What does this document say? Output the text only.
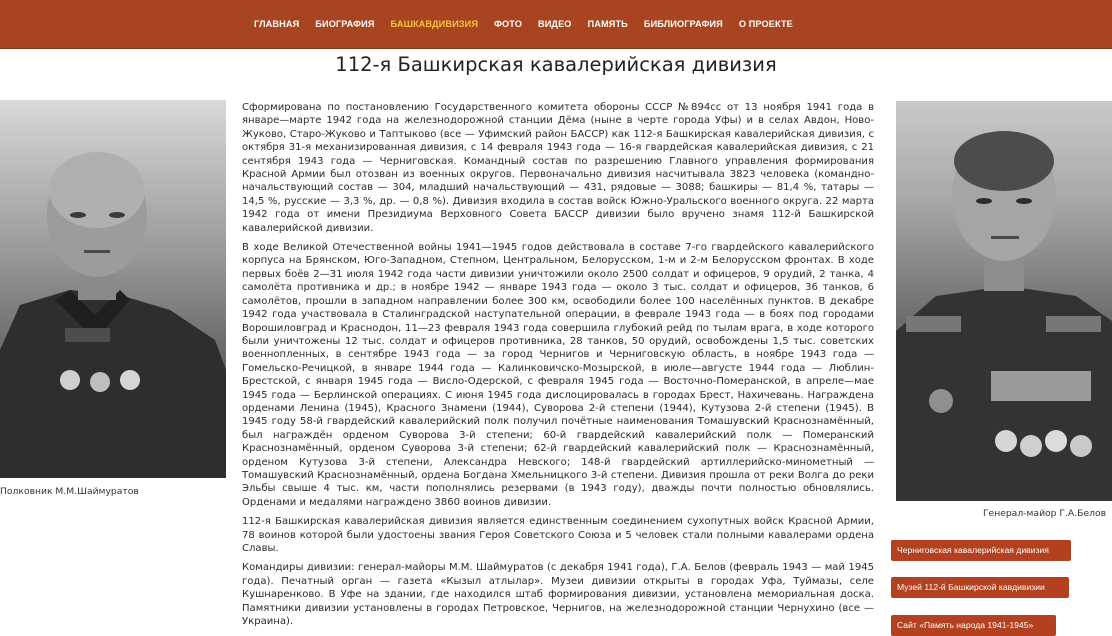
ГЛАВНАЯ БИОГРАФИЯ БАШКАВДИВИЗИЯ ФОТО ВИДЕО ПАМЯТЬ БИБЛИОГРАФИЯ О ПРОЕКТЕ
112-я Башкирская кавалерийская дивизия
Полковник М.М.Шаймуратов

Сформирована по постановлению Государственного комитета обороны СССР №894сс от 13 ноября 1941 года в январе—марте 1942 года на железнодорожной станции Дёма (ныне в черте города Уфы) и в селах Авдон, Ново-Жуково, Старо-Жуково и Таптыково (все — Уфимский район БАССР) как 112-я Башкирская кавалерийская дивизия, с октября 31-я механизированная дивизия, с 14 февраля 1943 года — 16-я гвардейская кавалерийская дивизия, с 21 сентября 1943 года — Черниговская. Командный состав по разрешению Главного управления формирования Красной Армии был отозван из военных округов. Первоначально дивизия насчитывала 3823 человека (командно-начальствующий состав — 304, младший начальствующий — 431, рядовые — 3088; башкиры — 81,4 %, татары — 14,5 %, русские — 3,3 %, др. — 0,8 %). Дивизия входила в состав войск Южно-Уральского военного округа. 22 марта 1942 года от имени Президиума Верховного Совета БАССР дивизии было вручено знамя 112-й Башкирской кавалерийской дивизии.

В ходе Великой Отечественной войны 1941—1945 годов действовала в составе 7-го гвардейского кавалерийского корпуса на Брянском, Юго-Западном, Степном, Центральном, Белорусском, 1-м и 2-м Белорусском фронтах. В ходе первых боёв 2—31 июля 1942 года части дивизии уничтожили около 2500 солдат и офицеров, 9 орудий, 2 танка, 4 самолёта противника и др.; в ноябре 1942 — январе 1943 года — около 3 тыс. солдат и офицеров, 36 танков, 6 самолётов, прошли в западном направлении более 300 км, освободили более 100 населённых пунктов. В декабре 1942 года участвовала в Сталинградской наступательной операции, в феврале 1943 года — в боях под городами Ворошиловград и Краснодон, 11—23 февраля 1943 года совершила глубокий рейд по тылам врага, в ходе которого были уничтожены 12 тыс. солдат и офицеров противника, 28 танков, 50 орудий, освобождены 1,5 тыс. советских военнопленных, в сентябре 1943 года — за город Чернигов и Черниговскую область, в ноябре 1943 года — Гомельско-Речицкой, в январе 1944 года — Калинковичско-Мозырской, в июле—августе 1944 года — Люблин-Брестской, с января 1945 года — Висло-Одерской, с февраля 1945 года — Восточно-Померанской, в апреле—мае 1945 года — Берлинской операциях. С июня 1945 года дислоцировалась в городах Брест, Нахичевань. Награждена орденами Ленина (1945), Красного Знамени (1944), Суворова 2-й степени (1944), Кутузова 2-й степени (1945). В 1945 году 58-й гвардейский кавалерийский полк получил почётные наименования Томашувский Краснознамённый, был награждён орденом Суворова 3-й степени; 60-й гвардейский кавалерийский полк — Померанский Краснознамённый, орденом Суворова 3-й степени; 62-й гвардейский кавалерийский полк — Краснознамённый, орденом Кутузова 3-й степени, Александра Невского; 148-й гвардейский артиллерийско-минометный — Томашувский Краснознамённый, ордена Богдана Хмельницкого 3-й степени. Дивизия прошла от реки Волга до реки Эльбы свыше 4 тыс. км, части пополнялись резервами (в 1943 году), дважды почти полностью обновлялись. Орденами и медалями награждено 3860 воинов дивизии.

112-я Башкирская кавалерийская дивизия является единственным соединением сухопутных войск Красной Армии, 78 воинов которой были удостоены звания Героя Советского Союза и 5 человек стали полными кавалерами ордена Славы.

Командиры дивизии: генерал-майоры М.М. Шаймуратов (с декабря 1941 года), Г.А. Белов (февраль 1943 — май 1945 года). Печатный орган — газета «Кызыл атлылар». Музеи дивизии открыты в городах Уфа, Туймазы, селе Кушнаренково. В Уфе на здании, где находился штаб формирования дивизии, установлена мемориальная доска. Памятники дивизии установлены в городах Петровское, Чернигов, на железнодорожной станции Чернухино (все — Украина).

Генерал-майор Г.А.Белов
Черниговская кавалерийская дивизия
Музей 112-й Башкирской кавдивизии
Сайт «Память народа 1941-1945»
